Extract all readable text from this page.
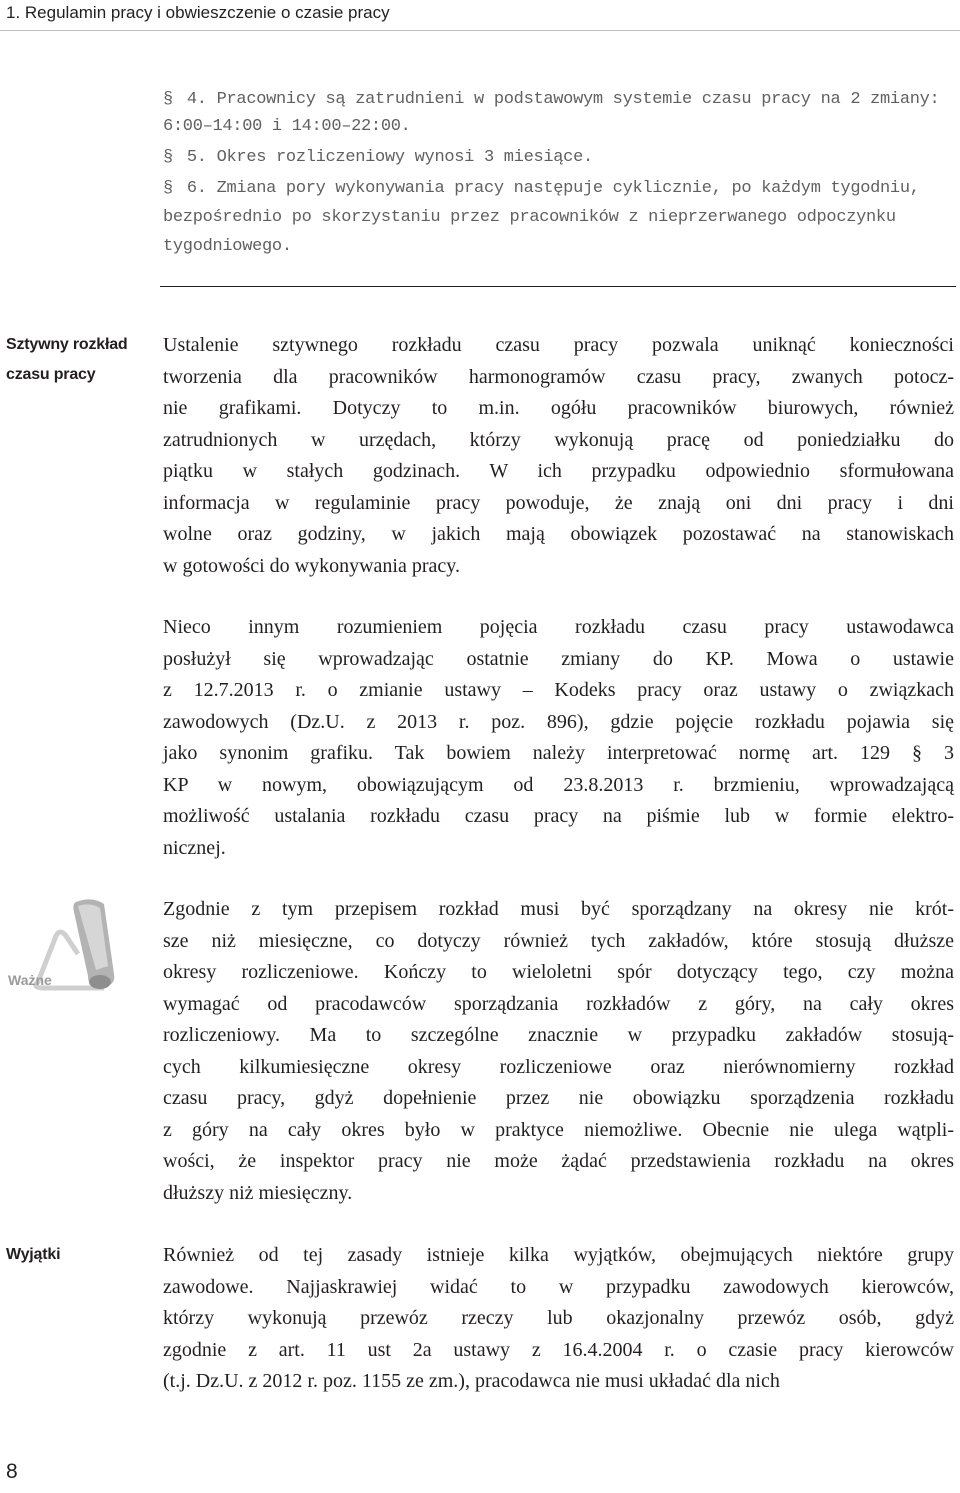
1. Regulamin pracy i obwieszczenie o czasie pracy
§ 4. Pracownicy są zatrudnieni w podstawowym systemie czasu pracy na 2 zmiany:
6:00–14:00 i 14:00–22:00.
§ 5. Okres rozliczeniowy wynosi 3 miesiące.
§ 6. Zmiana pory wykonywania pracy następuje cyklicznie, po każdym tygodniu,
bezpośrednio po skorzystaniu przez pracowników z nieprzerwanego odpoczynku
tygodniowego.
Sztywny rozkład
czasu pracy
Ustalenie sztywnego rozkładu czasu pracy pozwala uniknąć konieczności
tworzenia dla pracowników harmonogramów czasu pracy, zwanych potocz-
nie grafikami. Dotyczy to m.in. ogółu pracowników biurowych, również
zatrudnionych w urzędach, którzy wykonują pracę od poniedziałku do
piątku w stałych godzinach. W ich przypadku odpowiednio sformułowana
informacja w regulaminie pracy powoduje, że znają oni dni pracy i dni
wolne oraz godziny, w jakich mają obowiązek pozostawać na stanowiskach
w gotowości do wykonywania pracy.
Nieco innym rozumieniem pojęcia rozkładu czasu pracy ustawodawca
posłużył się wprowadzając ostatnie zmiany do KP. Mowa o ustawie
z 12.7.2013 r. o zmianie ustawy – Kodeks pracy oraz ustawy o związkach
zawodowych (Dz.U. z 2013 r. poz. 896), gdzie pojęcie rozkładu pojawia się
jako synonim grafiku. Tak bowiem należy interpretować normę art. 129 § 3
KP w nowym, obowiązującym od 23.8.2013 r. brzmieniu, wprowadzającą
możliwość ustalania rozkładu czasu pracy na piśmie lub w formie elektro-
nicznej.
Zgodnie z tym przepisem rozkład musi być sporządzany na okresy nie krót-
sze niż miesięczne, co dotyczy również tych zakładów, które stosują dłuższe
okresy rozliczeniowe. Kończy to wieloletni spór dotyczący tego, czy można
wymagać od pracodawców sporządzania rozkładów z góry, na cały okres
rozliczeniowy. Ma to szczególne znacznie w przypadku zakładów stosują-
cych kilkumiesięczne okresy rozliczeniowe oraz nierównomierny rozkład
czasu pracy, gdyż dopełnienie przez nie obowiązku sporządzenia rozkładu
z góry na cały okres było w praktyce niemożliwe. Obecnie nie ulega wątpli-
wości, że inspektor pracy nie może żądać przedstawienia rozkładu na okres
dłuższy niż miesięczny.
Ważne
Wyjątki	Również od tej zasady istnieje kilka wyjątków, obejmujących niektóre grupy
zawodowe. Najjaskrawiej widać to w przypadku zawodowych kierowców,
którzy wykonują przewóz rzeczy lub okazjonalny przewóz osób, gdyż
zgodnie z art. 11 ust 2a ustawy z 16.4.2004 r. o czasie pracy kierowców
(t.j. Dz.U. z 2012 r. poz. 1155 ze zm.), pracodawca nie musi układać dla nich
8
